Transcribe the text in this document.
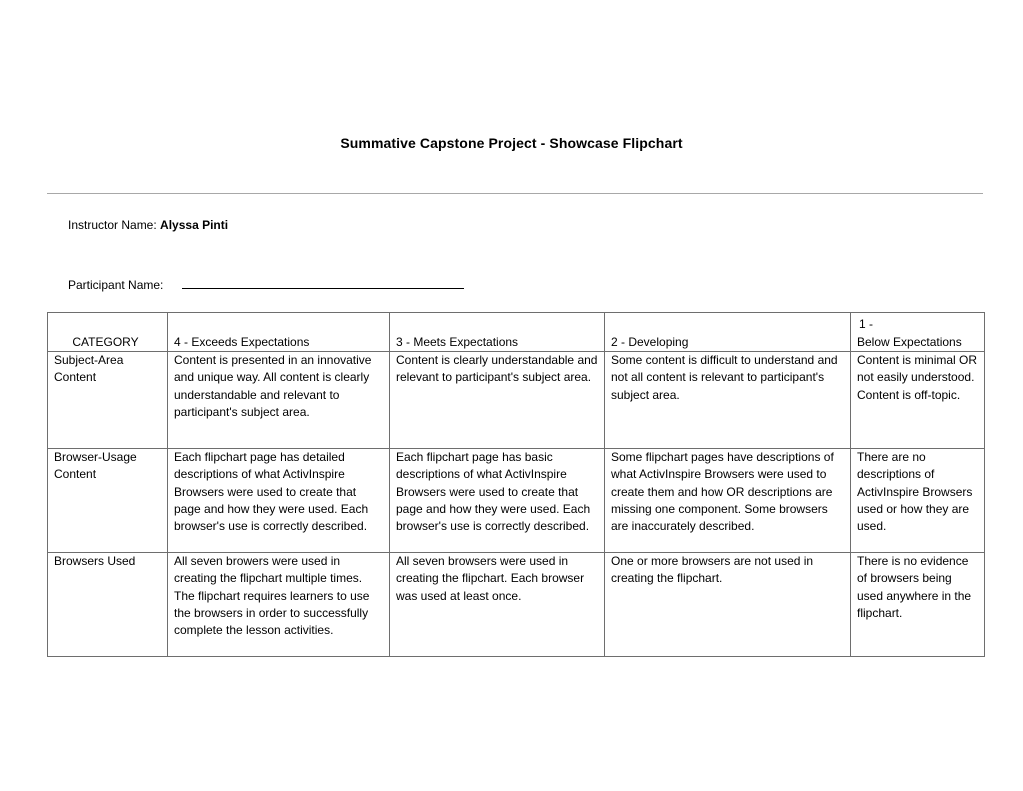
Summative Capstone Project - Showcase Flipchart
Instructor Name: Alyssa Pinti
Participant Name:
CATEGORY	4 - Exceeds Expectations	3 - Meets Expectations	2 - Developing	1 -
Below Expectations

Subject-Area Content	Content is presented in an innovative and unique way. All content is clearly understandable and relevant to participant's subject area.	Content is clearly understandable and relevant to participant's subject area.	Some content is difficult to understand and not all content is relevant to participant's subject area.	Content is minimal OR not easily understood. Content is off-topic.
Browser-Usage Content	Each flipchart page has detailed descriptions of what ActivInspire Browsers were used to create that page and how they were used. Each browser's use is correctly described.	Each flipchart page has basic descriptions of what ActivInspire Browsers were used to create that page and how they were used. Each browser's use is correctly described.	Some flipchart pages have descriptions of what ActivInspire Browsers were used to create them and how OR descriptions are missing one component. Some browsers are inaccurately described.	There are no descriptions of ActivInspire Browsers used or how they are used.
Browsers Used	All seven browers were used in creating the flipchart multiple times. The flipchart requires learners to use the browsers in order to successfully complete the lesson activities.	All seven browsers were used in creating the flipchart. Each browser was used at least once.	One or more browsers are not used in creating the flipchart.	There is no evidence of browsers being used anywhere in the flipchart.
